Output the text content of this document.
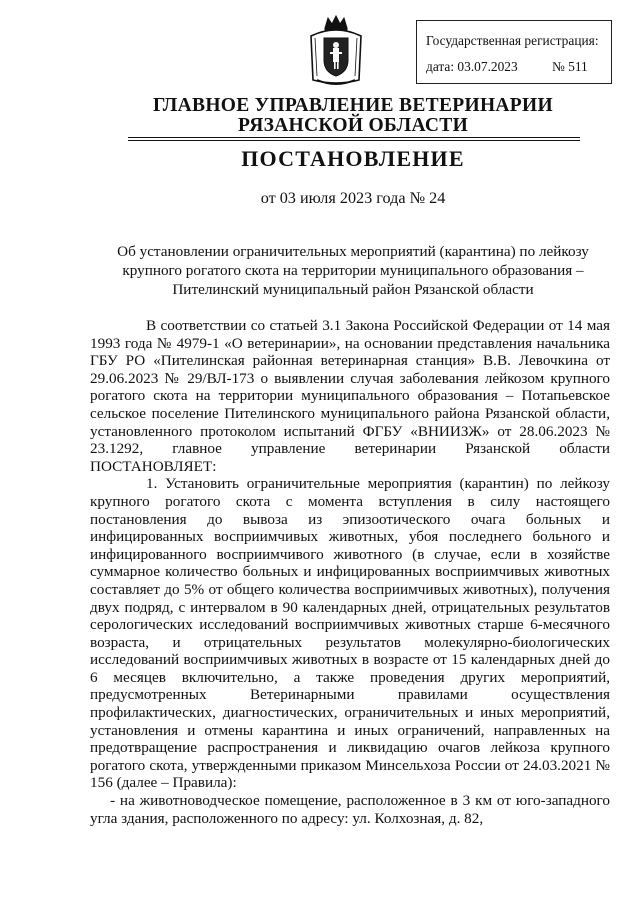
Государственная регистрация:
дата: 03.07.2023	№ 511
ГЛАВНОЕ УПРАВЛЕНИЕ ВЕТЕРИНАРИИ
РЯЗАНСКОЙ ОБЛАСТИ
ПОСТАНОВЛЕНИЕ
от 03 июля 2023 года № 24
Об установлении ограничительных мероприятий (карантина) по лейкозу крупного рогатого скота на территории муниципального образования – Пителинский муниципальный район Рязанской области

В соответствии со статьей 3.1 Закона Российской Федерации от 14 мая 1993 года № 4979-1 «О ветеринарии», на основании представления начальника ГБУ РО «Пителинская районная ветеринарная станция» В.В. Левочкина от 29.06.2023 № 29/ВЛ-173 о выявлении случая заболевания лейкозом крупного рогатого скота на территории муниципального образования – Потапьевское сельское поселение Пителинского муниципального района Рязанской области, установленного протоколом испытаний ФГБУ «ВНИИЗЖ» от 28.06.2023 № 23.1292, главное управление ветеринарии Рязанской области ПОСТАНОВЛЯЕТ:

1. Установить ограничительные мероприятия (карантин) по лейкозу крупного рогатого скота с момента вступления в силу настоящего постановления до вывоза из эпизоотического очага больных и инфицированных восприимчивых животных, убоя последнего больного и инфицированного восприимчивого животного (в случае, если в хозяйстве суммарное количество больных и инфицированных восприимчивых животных составляет до 5% от общего количества восприимчивых животных), получения двух подряд, с интервалом в 90 календарных дней, отрицательных результатов серологических исследований восприимчивых животных старше 6-месячного возраста, и отрицательных результатов молекулярно-биологических исследований восприимчивых животных в возрасте от 15 календарных дней до 6 месяцев включительно, а также проведения других мероприятий, предусмотренных Ветеринарными правилами осуществления профилактических, диагностических, ограничительных и иных мероприятий, установления и отмены карантина и иных ограничений, направленных на предотвращение распространения и ликвидацию очагов лейкоза крупного рогатого скота, утвержденными приказом Минсельхоза России от 24.03.2021 № 156 (далее – Правила):

- на животноводческое помещение, расположенное в 3 км от юго-западного угла здания, расположенного по адресу: ул. Колхозная, д. 82,
